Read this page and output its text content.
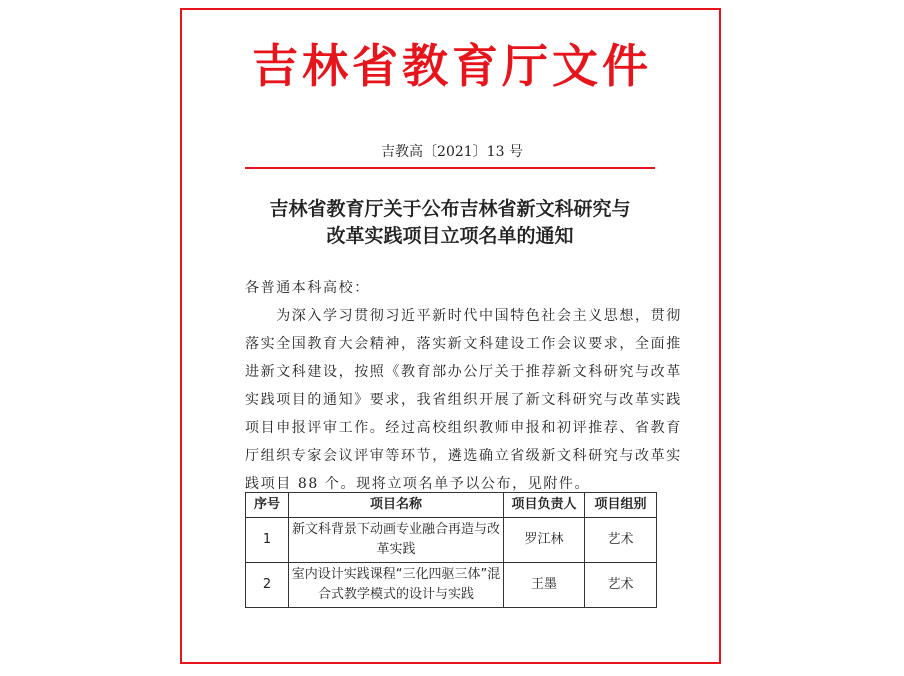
吉林省教育厅文件
吉教高〔2021〕13 号
吉林省教育厅关于公布吉林省新文科研究与
改革实践项目立项名单的通知
各普通本科高校：
　　为深入学习贯彻习近平新时代中国特色社会主义思想，贯彻
落实全国教育大会精神，落实新文科建设工作会议要求，全面推
进新文科建设，按照《教育部办公厅关于推荐新文科研究与改革
实践项目的通知》要求，我省组织开展了新文科研究与改革实践
项目申报评审工作。经过高校组织教师申报和初评推荐、省教育
厅组织专家会议评审等环节，遴选确立省级新文科研究与改革实
践项目 88 个。现将立项名单予以公布，见附件。
序号	项目名称	项目负责人	项目组别
1	新文科背景下动画专业融合再造与改革实践	罗江林	艺术
2	室内设计实践课程“三化四驱三体”混合式教学模式的设计与实践	王墨	艺术
